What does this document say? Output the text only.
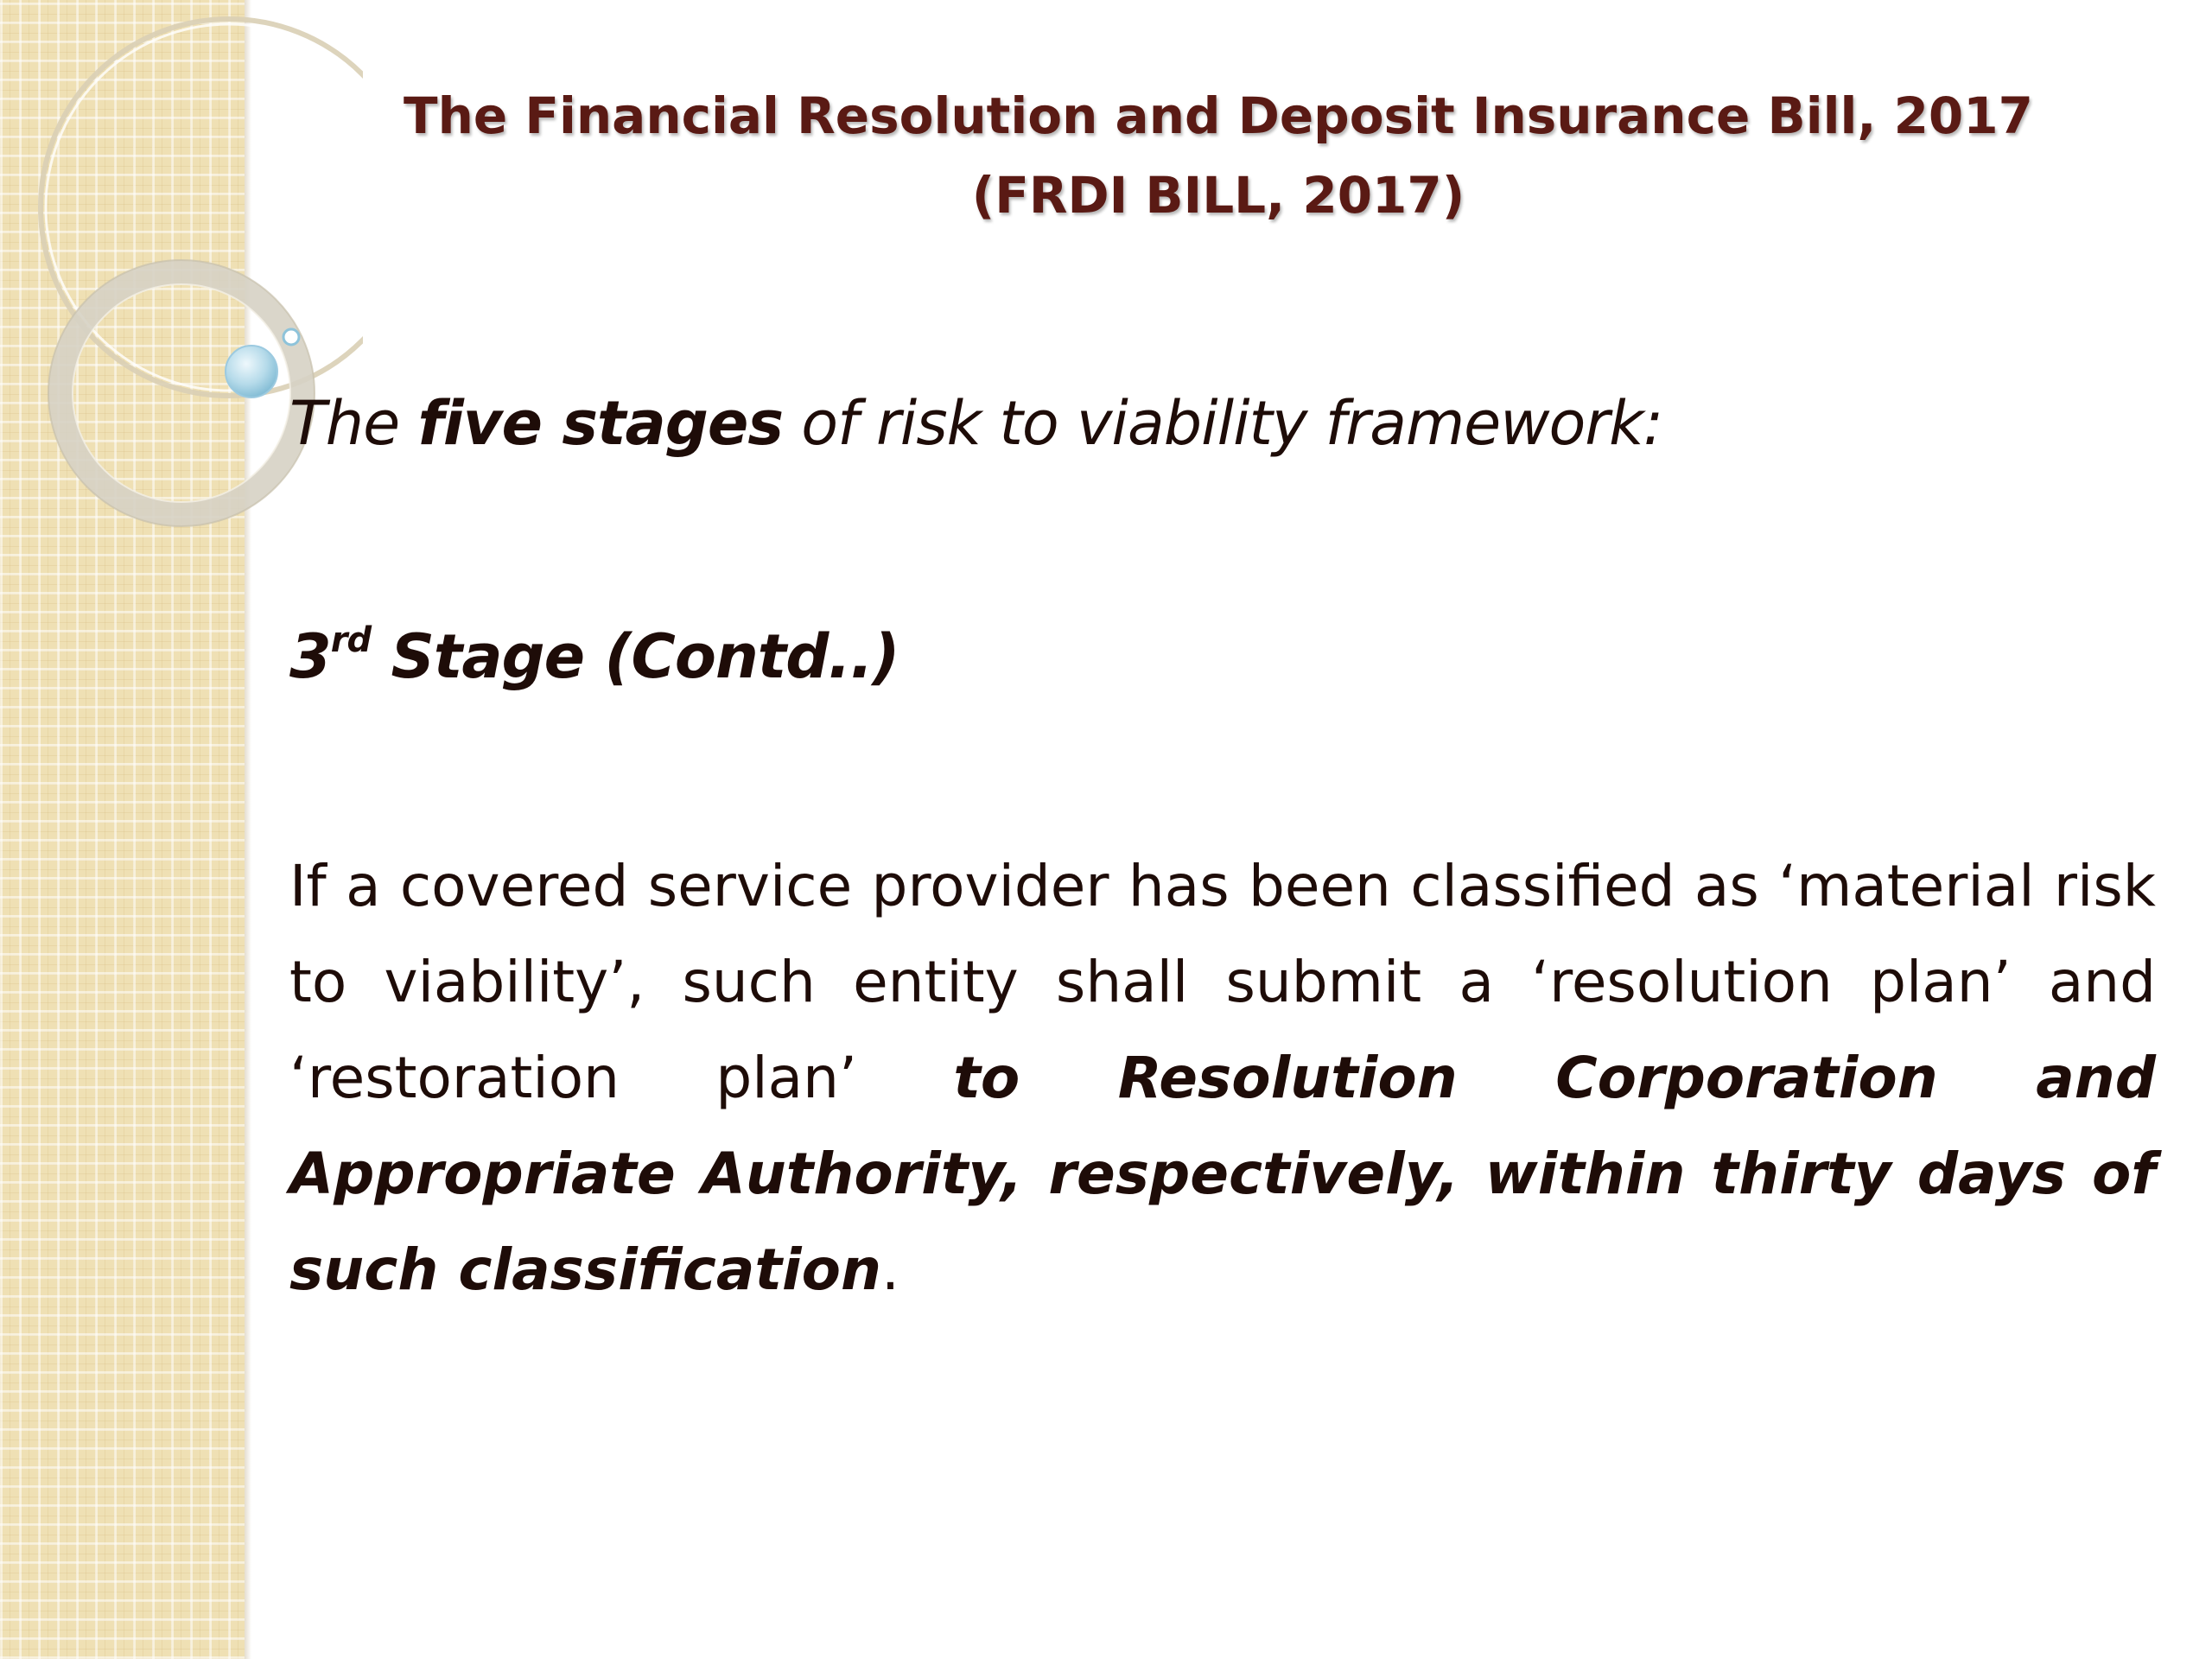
The Financial Resolution and Deposit Insurance Bill, 2017
(FRDI BILL, 2017)
The five stages of risk to viability framework:
3rd Stage (Contd..)
If a covered service provider has been classified as ‘material risk to viability’, such entity shall submit a ‘resolution plan’ and ‘restoration plan’ to Resolution Corporation and Appropriate Authority, respectively, within thirty days of such classification.
